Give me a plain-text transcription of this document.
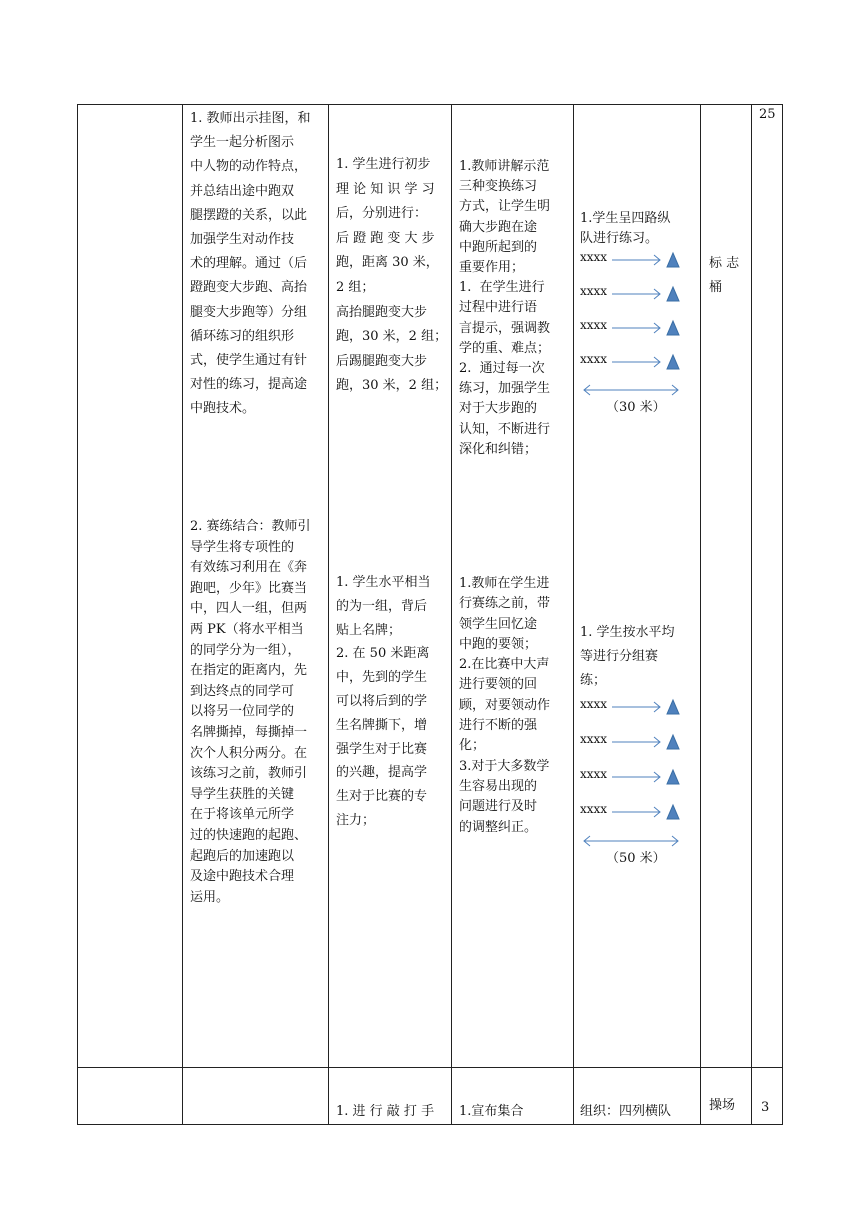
1. 教师出示挂图，和
学生一起分析图示
中人物的动作特点，
并总结出途中跑双
腿摆蹬的关系，以此
加强学生对动作技
术的理解。通过（后
蹬跑变大步跑、高抬
腿变大步跑等）分组
循环练习的组织形
式，使学生通过有针
对性的练习，提高途
中跑技术。
1. 学生进行初步
理 论 知 识 学 习
后，分别进行：
后 蹬 跑 变 大 步
跑，距离 30 米，
2 组；
高抬腿跑变大步
跑，30 米，2 组；
后踢腿跑变大步
跑，30 米，2 组；
1.教师讲解示范
三种变换练习
方式，让学生明
确大步跑在途
中跑所起到的
重要作用；
1.  在学生进行
过程中进行语
言提示，强调教
学的重、难点；
2.  通过每一次
练习，加强学生
对于大步跑的
认知，不断进行
深化和纠错；
1.学生呈四路纵
队进行练习。
xxxx
xxxx
xxxx
xxxx
（30 米）
标 志
桶
25
2. 赛练结合：教师引
导学生将专项性的
有效练习利用在《奔
跑吧，少年》比赛当
中，四人一组，但两
两 PK（将水平相当
的同学分为一组），
在指定的距离内，先
到达终点的同学可
以将另一位同学的
名牌撕掉，每撕掉一
次个人积分两分。在
该练习之前，教师引
导学生获胜的关键
在于将该单元所学
过的快速跑的起跑、
起跑后的加速跑以
及途中跑技术合理
运用。
1. 学生水平相当
的为一组，背后
贴上名牌；
2. 在 50 米距离
中，先到的学生
可以将后到的学
生名牌撕下，增
强学生对于比赛
的兴趣，提高学
生对于比赛的专
注力；
1.教师在学生进
行赛练之前，带
领学生回忆途
中跑的要领；
2.在比赛中大声
进行要领的回
顾，对要领动作
进行不断的强
化；
3.对于大多数学
生容易出现的
问题进行及时
的调整纠正。
1. 学生按水平均
等进行分组赛
练；
xxxx
xxxx
xxxx
xxxx
（50 米）
1. 进 行 敲 打 手 1.宣布集合	组织：四列横队	操场 3
